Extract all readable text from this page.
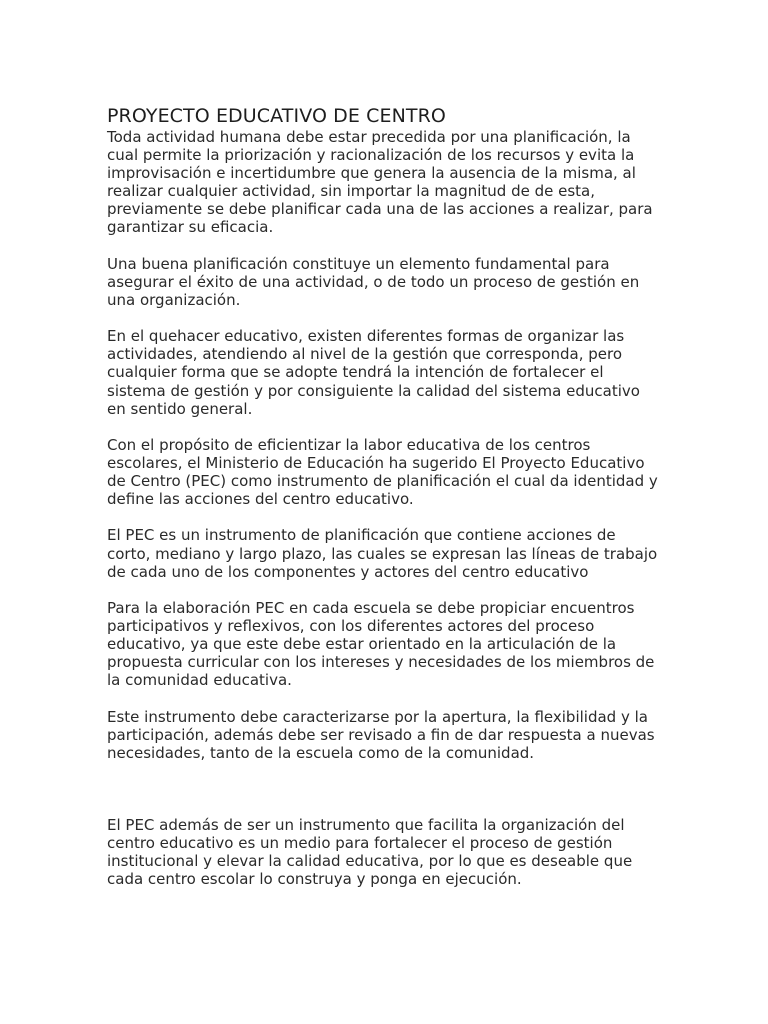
PROYECTO EDUCATIVO DE CENTRO

Toda actividad humana debe estar precedida por una planificación, la
cual permite la priorización y racionalización de los recursos y evita la
improvisación e incertidumbre que genera la ausencia de la misma, al
realizar cualquier actividad, sin importar la magnitud de de esta,
previamente se debe planificar cada una de las acciones a realizar, para
garantizar su eficacia.

Una buena planificación constituye un elemento fundamental para
asegurar el éxito de una actividad, o de todo un proceso de gestión en
una organización.

En el quehacer educativo, existen diferentes formas de organizar las
actividades, atendiendo al nivel de la gestión que corresponda, pero
cualquier forma que se adopte tendrá la intención de fortalecer el
sistema de gestión y por consiguiente la calidad del sistema educativo
en sentido general.

Con el propósito de eficientizar la labor educativa de los centros
escolares, el Ministerio de Educación ha sugerido El Proyecto Educativo
de Centro (PEC) como instrumento de planificación el cual da identidad y
define las acciones del centro educativo.

El PEC es un instrumento de planificación que contiene acciones de
corto, mediano y largo plazo, las cuales se expresan las líneas de trabajo
de cada uno de los componentes y actores del centro educativo

Para la elaboración PEC en cada escuela se debe propiciar encuentros
participativos y reflexivos, con los diferentes actores del proceso
educativo, ya que este debe estar orientado en la articulación de la
propuesta curricular con los intereses y necesidades de los miembros de
la comunidad educativa.

Este instrumento debe caracterizarse por la apertura, la flexibilidad y la
participación, además debe ser revisado a fin de dar respuesta a nuevas
necesidades, tanto de la escuela como de la comunidad.

El PEC además de ser un instrumento que facilita la organización del
centro educativo es un medio para fortalecer el proceso de gestión
institucional y elevar la calidad educativa, por lo que es deseable que
cada centro escolar lo construya y ponga en ejecución.
